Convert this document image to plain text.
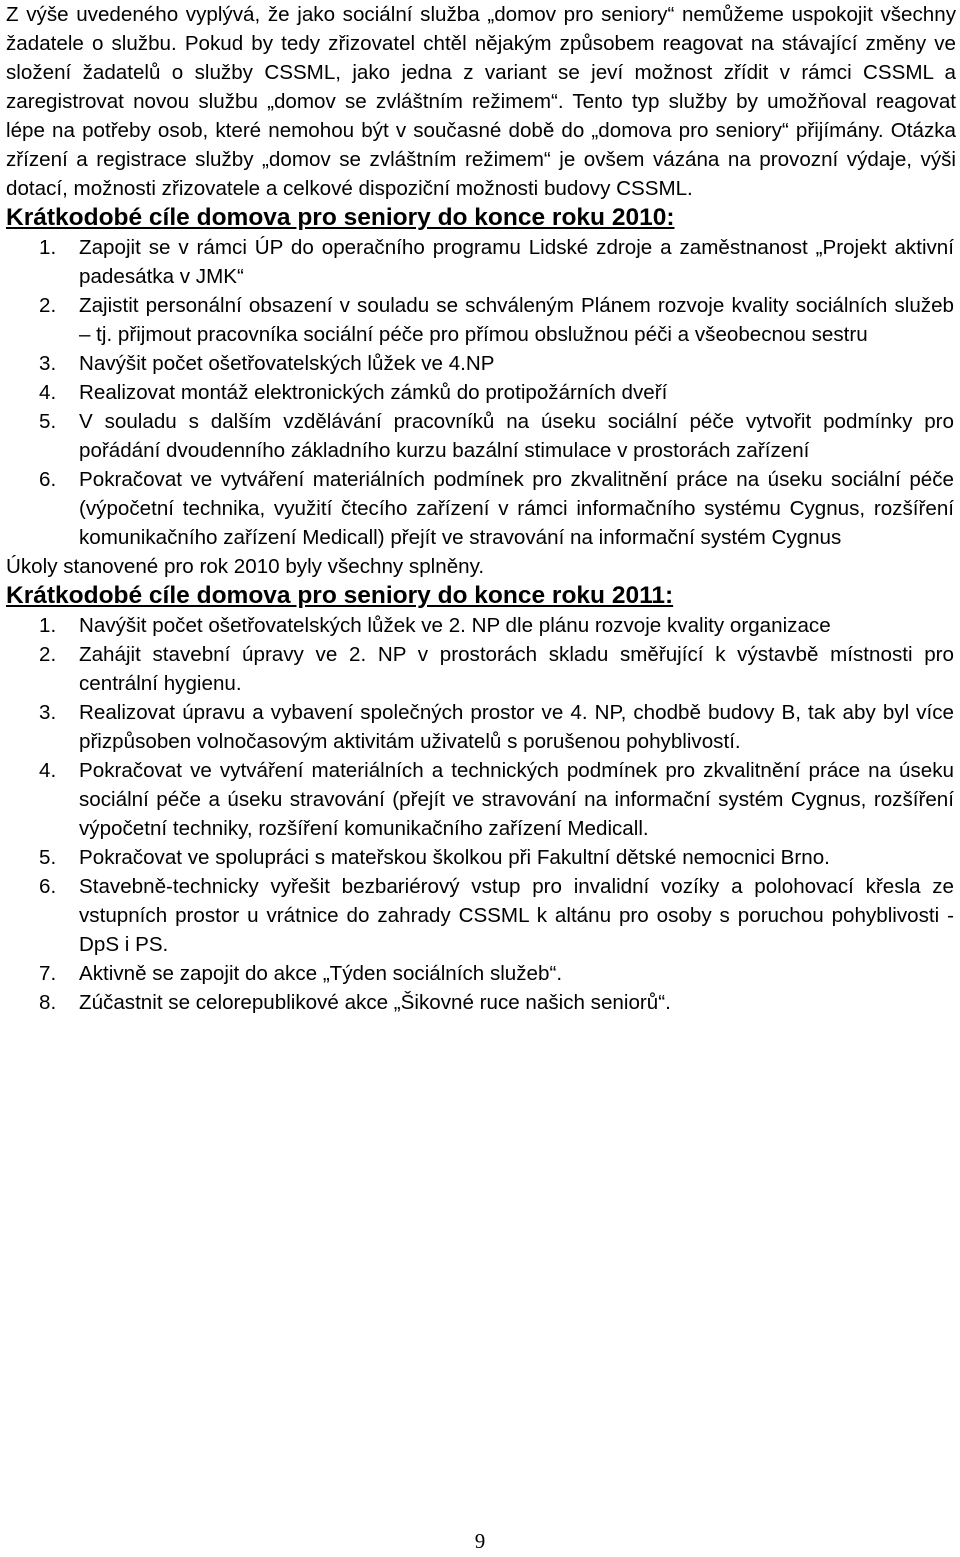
Z výše uvedeného vyplývá, že jako sociální služba „domov pro seniory“ nemůžeme uspokojit všechny žadatele o službu. Pokud by tedy zřizovatel chtěl nějakým způsobem reagovat na stávající změny ve složení žadatelů o služby CSSML, jako jedna z variant se jeví možnost zřídit v rámci CSSML a zaregistrovat novou službu „domov se zvláštním režimem“. Tento typ služby by umožňoval reagovat lépe na potřeby osob, které nemohou být v současné době do „domova pro seniory“ přijímány. Otázka zřízení a registrace služby „domov se zvláštním režimem“ je ovšem vázána na provozní výdaje, výši dotací, možnosti zřizovatele a celkové dispoziční možnosti budovy CSSML.

Krátkodobé cíle domova pro seniory do konce roku 2010:
1.	Zapojit se v rámci ÚP do operačního programu Lidské zdroje a zaměstnanost „Projekt aktivní padesátka v JMK“
2.	Zajistit personální obsazení v souladu se schváleným Plánem rozvoje kvality sociálních služeb – tj. přijmout pracovníka sociální péče pro přímou obslužnou péči a všeobecnou sestru
3.	Navýšit počet ošetřovatelských lůžek ve 4.NP
4.	Realizovat montáž elektronických zámků do protipožárních dveří
5.	V souladu s dalším vzdělávání pracovníků na úseku sociální péče vytvořit podmínky pro pořádání dvoudenního základního kurzu bazální stimulace v prostorách zařízení
6.	Pokračovat ve vytváření materiálních podmínek pro zkvalitnění práce na úseku sociální péče (výpočetní technika, využití čtecího zařízení v rámci informačního systému Cygnus, rozšíření komunikačního zařízení Medicall) přejít ve stravování na informační systém Cygnus

Úkoly stanovené pro rok 2010 byly všechny splněny.

Krátkodobé cíle domova pro seniory do konce roku 2011:
1.	Navýšit počet ošetřovatelských lůžek ve 2. NP dle plánu rozvoje kvality organizace
2.	Zahájit stavební úpravy ve 2. NP v prostorách skladu směřující k výstavbě místnosti pro centrální hygienu.
3.	Realizovat úpravu a vybavení společných prostor ve 4. NP, chodbě budovy B, tak aby byl více přizpůsoben volnočasovým aktivitám uživatelů s porušenou pohyblivostí.
4.	Pokračovat ve vytváření materiálních a technických podmínek pro zkvalitnění práce na úseku sociální péče a úseku stravování (přejít ve stravování na informační systém Cygnus, rozšíření výpočetní techniky, rozšíření komunikačního zařízení Medicall.
5.	Pokračovat ve spolupráci s mateřskou školkou při Fakultní dětské nemocnici Brno.
6.	Stavebně-technicky vyřešit bezbariérový vstup pro invalidní vozíky a polohovací křesla ze vstupních prostor u vrátnice do zahrady CSSML k altánu pro osoby s poruchou pohyblivosti - DpS i PS.
7.	Aktivně se zapojit do akce „Týden sociálních služeb“.
8.	Zúčastnit se celorepublikové akce „Šikovné ruce našich seniorů“.
9
